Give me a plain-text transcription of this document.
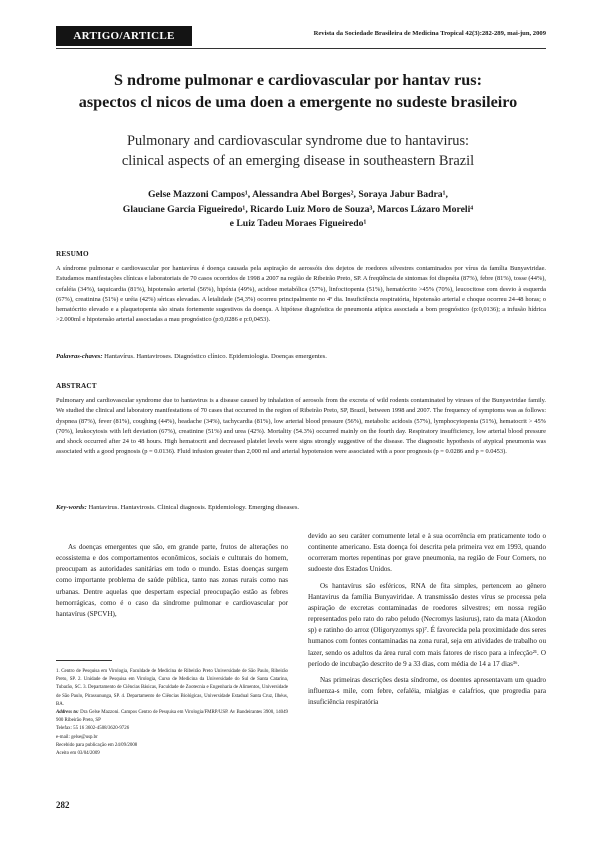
ARTIGO/ARTICLE	Revista da Sociedade Brasileira de Medicina Tropical 42(3):282-289, mai-jun, 2009
S ndrome pulmonar e cardiovascular por hantav rus:
aspectos cl nicos de uma doen a emergente no sudeste brasileiro
Pulmonary and cardiovascular syndrome due to hantavirus:
clinical aspects of an emerging disease in southeastern Brazil
Gelse Mazzoni Campos¹, Alessandra Abel Borges², Soraya Jabur Badra¹,
Glauciane Garcia Figueiredo¹, Ricardo Luiz Moro de Souza³, Marcos Lázaro Moreli⁴
e Luiz Tadeu Moraes Figueiredo¹
RESUMO
A síndrome pulmonar e cardiovascular por hantavírus é doença causada pela aspiração de aerossóis dos dejetos de roedores silvestres contaminados por vírus da família Bunyaviridae. Estudamos manifestações clínicas e laboratoriais de 70 casos ocorridos de 1998 a 2007 na região de Ribeirão Preto, SP. A freqüência de sintomas foi dispnéia (87%), febre (81%), tosse (44%), cefaléia (34%), taquicardia (81%), hipotensão arterial (56%), hipóxia (49%), acidose metabólica (57%), linfocitopenia (51%), hematócrito >45% (70%), leucocitose com desvio à esquerda (67%), creatinina (51%) e uréia (42%) séricas elevadas. A letalidade (54,3%) ocorreu principalmente no 4º dia. Insuficiência respiratória, hipotensão arterial e choque ocorreu 24-48 horas; o hematócrito elevado e a plaquetopenia são sinais fortemente sugestivos da doença. A hipótese diagnóstica de pneumonia atípica associada a bom prognóstico (p:0,0136); a infusão hídrica >2.000ml e hipotensão arterial associadas a mau prognóstico (p:0,0286 e p:0,0453).
Palavras-chaves: Hantavírus. Hantaviroses. Diagnóstico clínico. Epidemiologia. Doenças emergentes.
ABSTRACT
Pulmonary and cardiovascular syndrome due to hantavirus is a disease caused by inhalation of aerosols from the excreta of wild rodents contaminated by viruses of the Bunyaviridae family. We studied the clinical and laboratory manifestations of 70 cases that occurred in the region of Ribeirão Preto, SP, Brazil, between 1998 and 2007. The frequency of symptoms was as follows: dyspnea (87%), fever (81%), coughing (44%), headache (34%), tachycardia (81%), low arterial blood pressure (56%), metabolic acidosis (57%), lymphocytopenia (51%), hematocrit > 45% (70%), leukocytosis with left deviation (67%), creatinine (51%) and urea (42%). Mortality (54.3%) occurred mainly on the fourth day. Respiratory insufficiency, low arterial blood pressure and shock occurred after 24 to 48 hours. High hematocrit and decreased platelet levels were signs strongly suggestive of the disease. The diagnostic hypothesis of atypical pneumonia was associated with a good prognosis (p = 0.0136). Fluid infusion greater than 2,000 ml and arterial hypotension were associated with a poor prognosis (p = 0.0286 and p = 0.0453).
Key-words: Hantavirus. Hantavirosis. Clinical diagnosis. Epidemiology. Emerging diseases.

As doenças emergentes que são, em grande parte, frutos de alterações no ecossistema e dos comportamentos econômicos, sociais e culturais do homem, preocupam as autoridades sanitárias em todo o mundo. Estas doenças surgem como importante problema de saúde pública, tanto nas zonas rurais como nas urbanas. Dentre aquelas que despertam especial preocupação estão as febres hemorrágicas, como é o caso da síndrome pulmonar e cardiovascular por hantavírus (SPCVH),

1. Centro de Pesquisa em Virologia, Faculdade de Medicina de Ribeirão Preto Universidade de São Paulo, Ribeirão Preto, SP. 2. Unidade de Pesquisa em Virologia, Curso de Medicina da Universidade do Sul de Santa Catarina, Tubarão, SC. 3. Departamento de Ciências Básicas, Faculdade de Zootecnia e Engenharia de Alimentos, Universidade de São Paulo, Pirassununga, SP. 4. Departamento de Ciências Biológicas, Universidade Estadual Santa Cruz, Ilhéus, BA.
Address to: Dra Gelse Mazzoni. Campos Centro de Pesquisa em Virologia/FMRP/USP. Av Bandeirantes 3900, 14049 900 Ribeirão Preto, SP
Telefax: 55 16 3602-4508/3620-9726
e-mail: gelse@usp.br
Recebido para publicação em 24/09/2008
Aceito em 03/04/2009

devido ao seu caráter comumente letal e à sua ocorrência em praticamente todo o continente americano. Esta doença foi descrita pela primeira vez em 1993, quando ocorreram mortes repentinas por grave pneumonia, na região de Four Corners, no sudoeste dos Estados Unidos.

Os hantavírus são esféricos, RNA de fita simples, pertencem ao gênero Hantavirus da família Bunyaviridae. A transmissão destes vírus se processa pela aspiração de excretas contaminadas de roedores silvestres; em nossa região representados pelo rato do rabo peludo (Necromys lasiurus), rato da mata (Akodon sp) e ratinho do arroz (Oligoryzomys sp)⁷. É favorecida pela proximidade dos seres humanos com fontes contaminadas na zona rural, seja em atividades de trabalho ou lazer, sendo os adultos da área rural com mais fatores de risco para a infecção²¹. O período de incubação descrito de 9 a 33 dias, com média de 14 a 17 dias³⁶.

Nas primeiras descrições desta síndrome, os doentes apresentavam um quadro influenza-s mile, com febre, cefaléia, mialgias e calafrios, que progredia para insuficiência respiratória

282
